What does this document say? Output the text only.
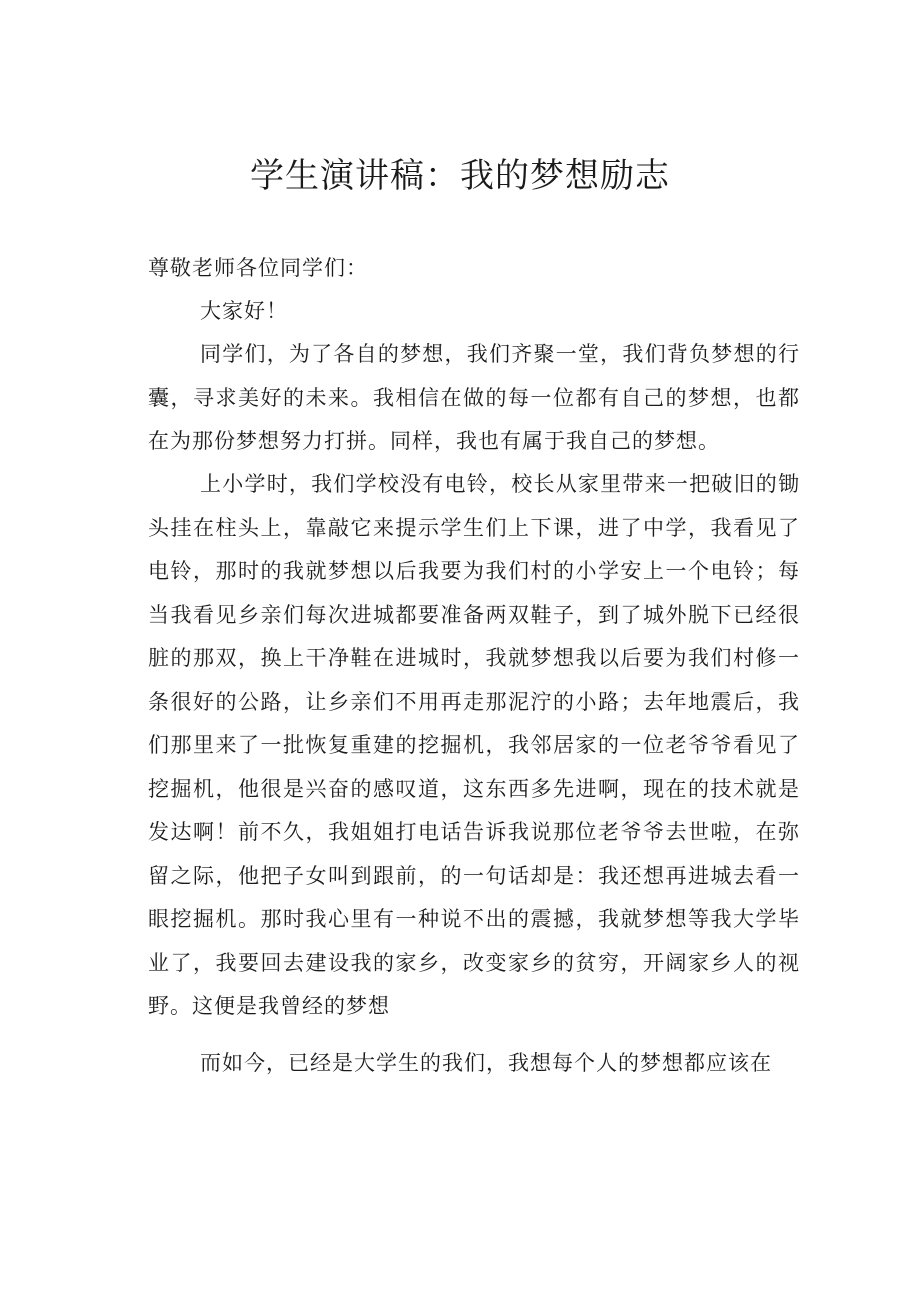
学生演讲稿：我的梦想励志
尊敬老师各位同学们：

大家好！

同学们，为了各自的梦想，我们齐聚一堂，我们背负梦想的行囊，寻求美好的未来。我相信在做的每一位都有自己的梦想，也都在为那份梦想努力打拼。同样，我也有属于我自己的梦想。

上小学时，我们学校没有电铃，校长从家里带来一把破旧的锄头挂在柱头上，靠敲它来提示学生们上下课，进了中学，我看见了电铃，那时的我就梦想以后我要为我们村的小学安上一个电铃；每当我看见乡亲们每次进城都要准备两双鞋子，到了城外脱下已经很脏的那双，换上干净鞋在进城时，我就梦想我以后要为我们村修一条很好的公路，让乡亲们不用再走那泥泞的小路；去年地震后，我们那里来了一批恢复重建的挖掘机，我邻居家的一位老爷爷看见了挖掘机，他很是兴奋的感叹道，这东西多先进啊，现在的技术就是发达啊！前不久，我姐姐打电话告诉我说那位老爷爷去世啦，在弥留之际，他把子女叫到跟前，的一句话却是：我还想再进城去看一眼挖掘机。那时我心里有一种说不出的震撼，我就梦想等我大学毕业了，我要回去建设我的家乡，改变家乡的贫穷，开阔家乡人的视野。这便是我曾经的梦想

而如今，已经是大学生的我们，我想每个人的梦想都应该在
